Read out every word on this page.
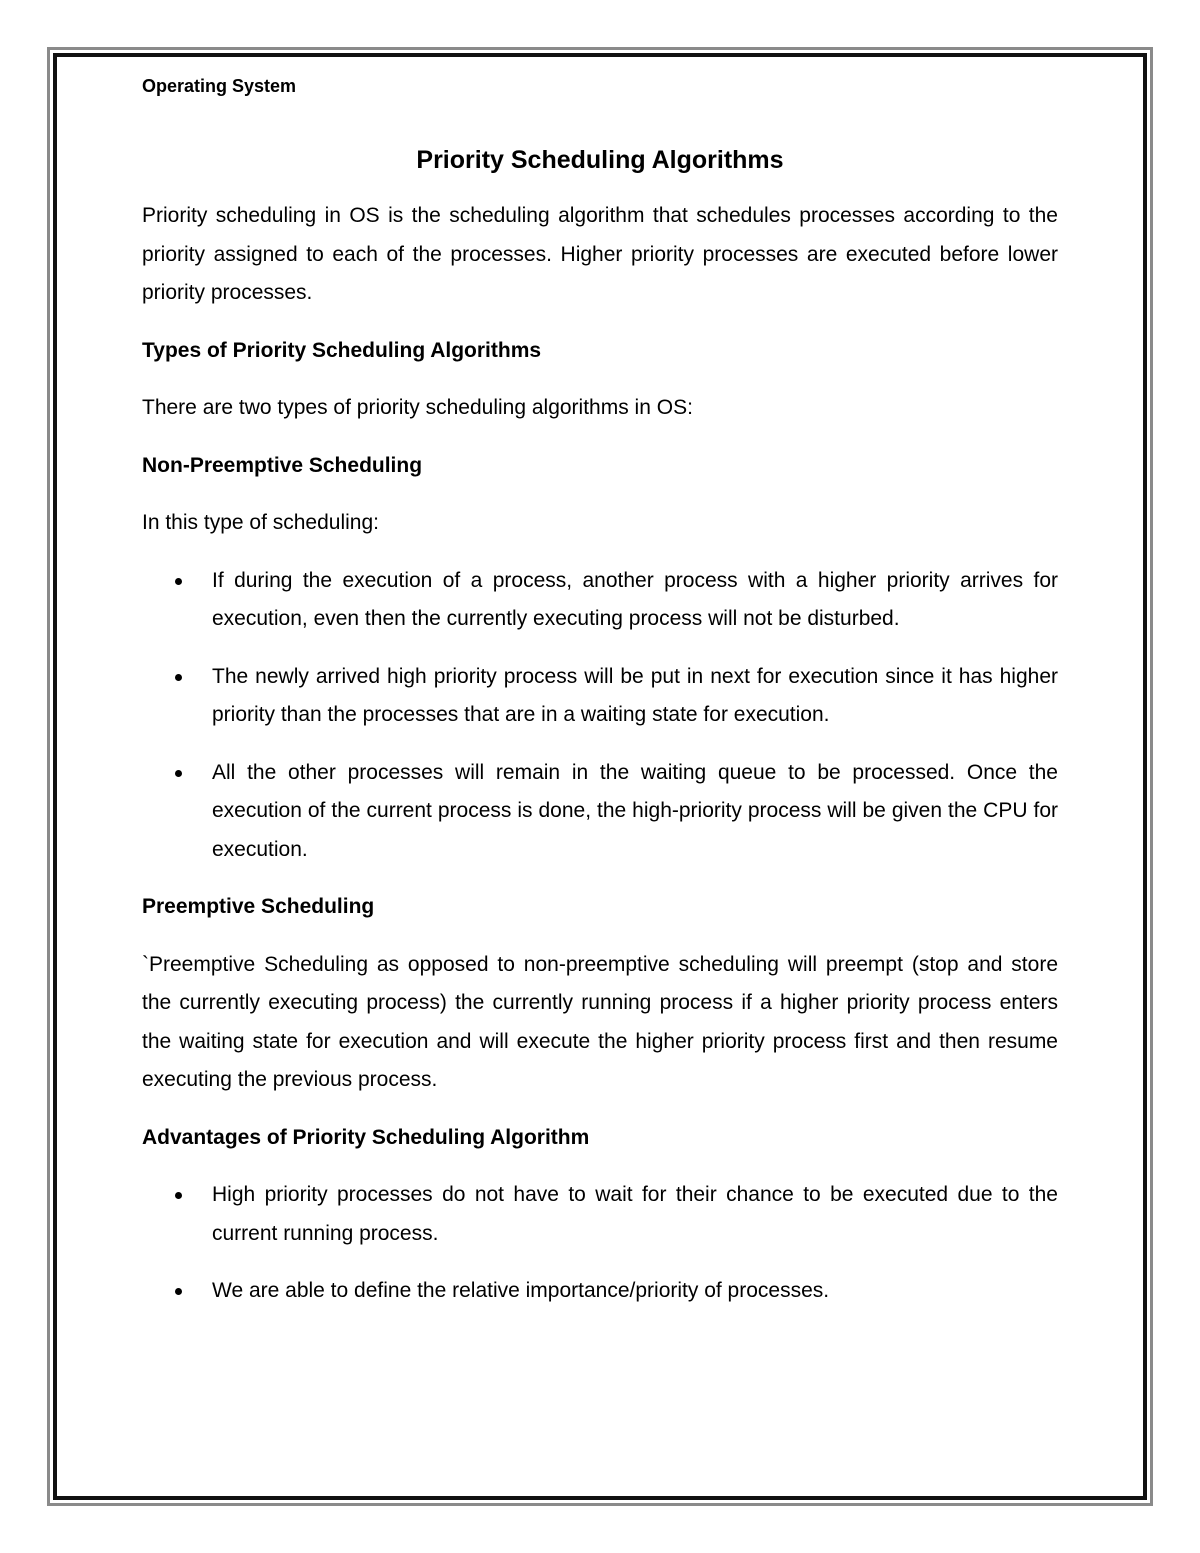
Operating System
Priority Scheduling Algorithms

Priority scheduling in OS is the scheduling algorithm that schedules processes according to the priority assigned to each of the processes. Higher priority processes are executed before lower priority processes.

Types of Priority Scheduling Algorithms

There are two types of priority scheduling algorithms in OS:

Non-Preemptive Scheduling

In this type of scheduling:

If during the execution of a process, another process with a higher priority arrives for execution, even then the currently executing process will not be disturbed.
The newly arrived high priority process will be put in next for execution since it has higher priority than the processes that are in a waiting state for execution.
All the other processes will remain in the waiting queue to be processed. Once the execution of the current process is done, the high-priority process will be given the CPU for execution.
Preemptive Scheduling

`Preemptive Scheduling as opposed to non-preemptive scheduling will preempt (stop and store the currently executing process) the currently running process if a higher priority process enters the waiting state for execution and will execute the higher priority process first and then resume executing the previous process.

Advantages of Priority Scheduling Algorithm
High priority processes do not have to wait for their chance to be executed due to the current running process.
We are able to define the relative importance/priority of processes.
